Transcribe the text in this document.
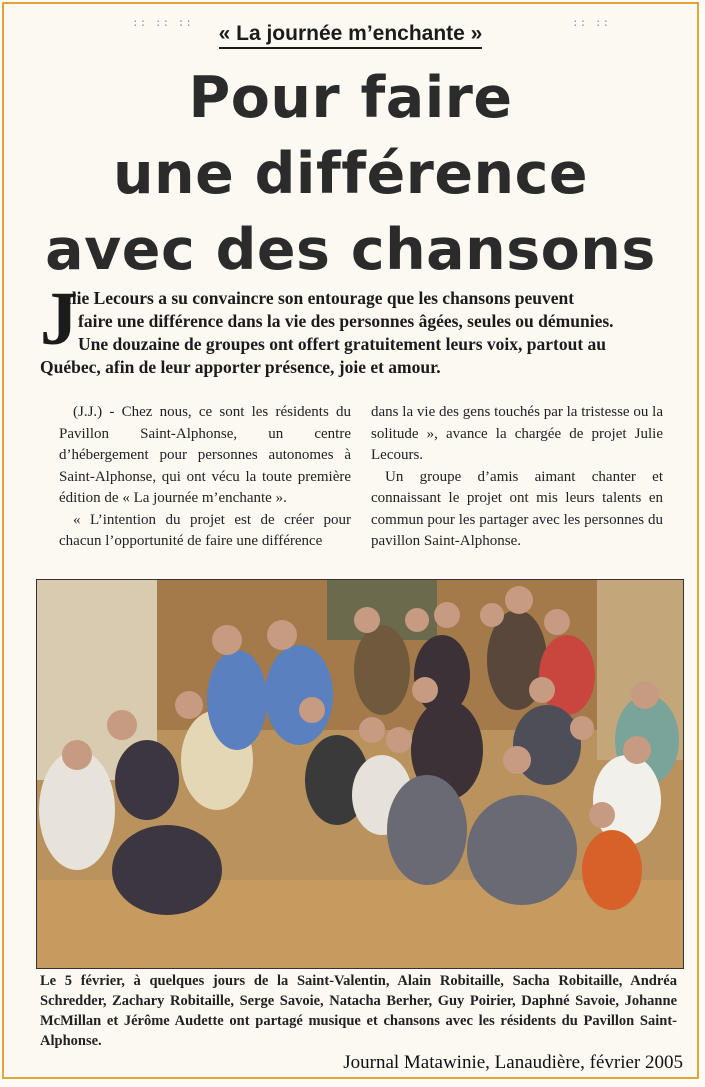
:: :: ::	:: ::
« La journée m’enchante »
Pour faire
une différence
avec des chansons
J
ulie Lecours a su convaincre son entourage que les chansons peuvent
faire une différence dans la vie des personnes âgées, seules ou démunies.
Une douzaine de groupes ont offert gratuitement leurs voix, partout au
Québec, afin de leur apporter présence, joie et amour.

(J.J.) - Chez nous, ce sont les résidents du Pavillon Saint-Alphonse, un centre d’hébergement pour personnes autonomes à Saint-Alphonse, qui ont vécu la toute première édition de « La journée m’enchante ».

« L’intention du projet est de créer pour chacun l’opportunité de faire une différence

dans la vie des gens touchés par la tristesse ou la solitude », avance la chargée de projet Julie Lecours.

Un groupe d’amis aimant chanter et connaissant le projet ont mis leurs talents en commun pour les partager avec les personnes du pavillon Saint-Alphonse.

Le 5 février, à quelques jours de la Saint-Valentin, Alain Robitaille, Sacha Robitaille, Andréa Schredder, Zachary Robitaille, Serge Savoie, Natacha Berher, Guy Poirier, Daphné Savoie, Johanne McMillan et Jérôme Audette ont partagé musique et chansons avec les résidents du Pavillon Saint-Alphonse.
Journal Matawinie, Lanaudière, février 2005
